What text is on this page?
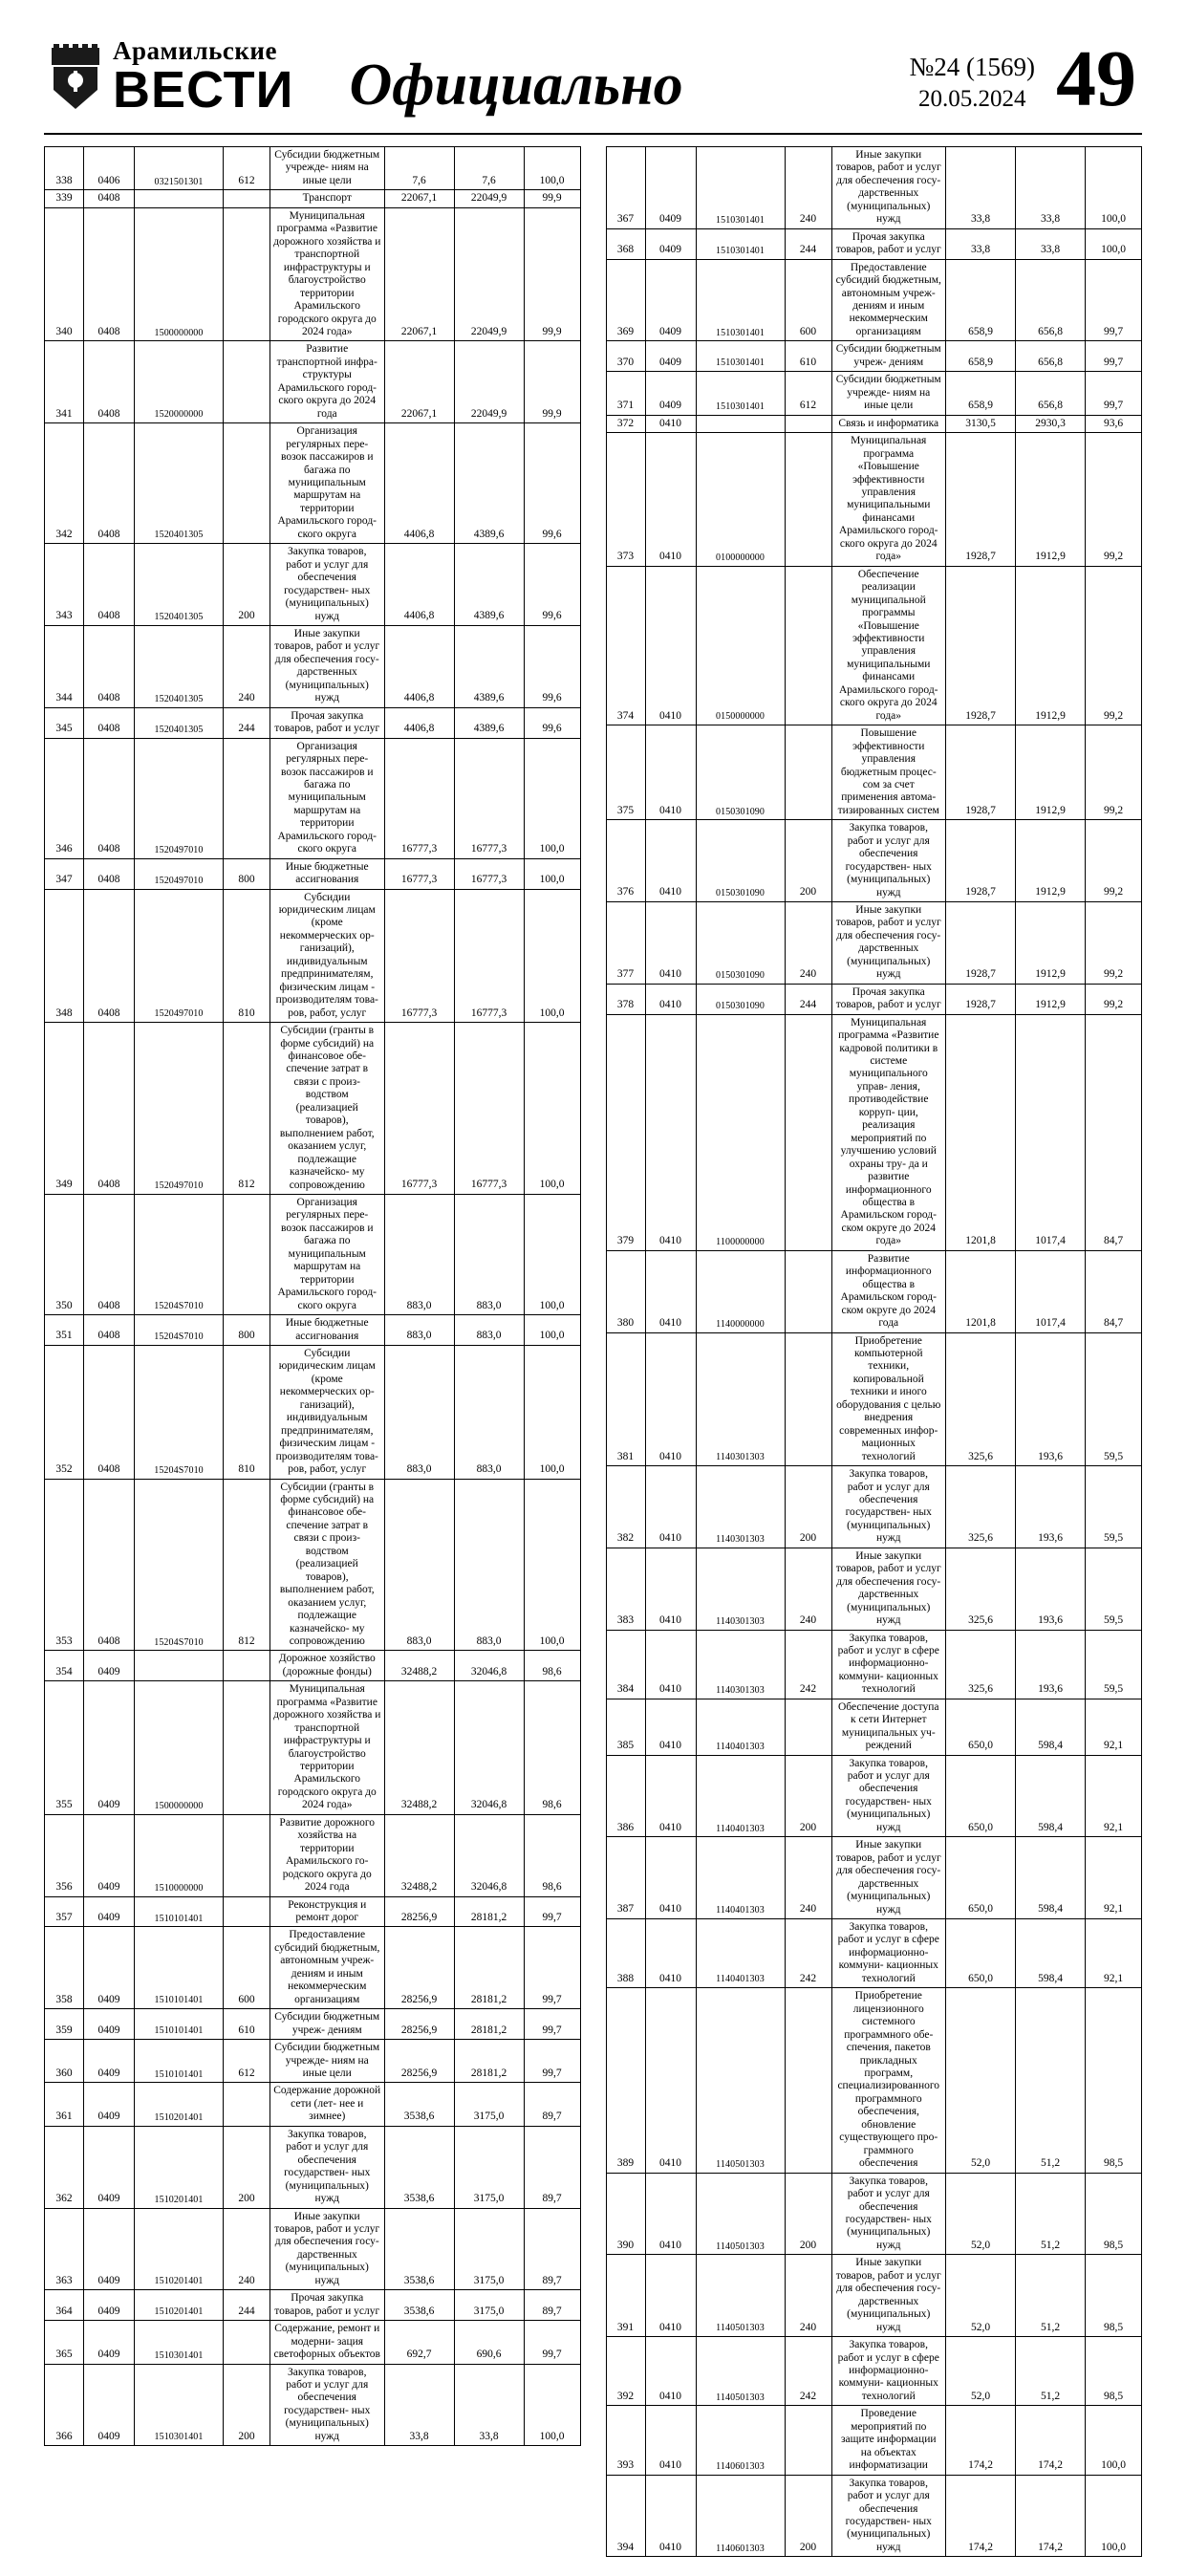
Арамильские
ВЕСТИ Официально	№24 (1569)
20.05.2024 49
338	0406	0321501301	612	Субсидии бюджетным учрежде- ниям на иные цели	7,6	7,6	100,0
339	0408			Транспорт	22067,1	22049,9	99,9
340	0408	1500000000		Муниципальная программа «Развитие дорожного хозяйства и транспортной инфраструктуры и благоустройство территории Арамильского городского округа до 2024 года»	22067,1	22049,9	99,9
341	0408	1520000000		Развитие транспортной инфра- структуры Арамильского город- ского округа до 2024 года	22067,1	22049,9	99,9
342	0408	1520401305		Организация регулярных пере- возок пассажиров и багажа по муниципальным маршрутам на территории Арамильского город- ского округа	4406,8	4389,6	99,6
343	0408	1520401305	200	Закупка товаров, работ и услуг для обеспечения государствен- ных (муниципальных) нужд	4406,8	4389,6	99,6
344	0408	1520401305	240	Иные закупки товаров, работ и услуг для обеспечения госу- дарственных (муниципальных) нужд	4406,8	4389,6	99,6
345	0408	1520401305	244	Прочая закупка товаров, работ и услуг	4406,8	4389,6	99,6
346	0408	1520497010		Организация регулярных пере- возок пассажиров и багажа по муниципальным маршрутам на территории Арамильского город- ского округа	16777,3	16777,3	100,0
347	0408	1520497010	800	Иные бюджетные ассигнования	16777,3	16777,3	100,0
348	0408	1520497010	810	Субсидии юридическим лицам (кроме некоммерческих ор- ганизаций), индивидуальным предпринимателям, физическим лицам - производителям това- ров, работ, услуг	16777,3	16777,3	100,0
349	0408	1520497010	812	Субсидии (гранты в форме субсидий) на финансовое обе- спечение затрат в связи с произ- водством (реализацией товаров), выполнением работ, оказанием услуг, подлежащие казначейско- му сопровождению	16777,3	16777,3	100,0
350	0408	15204S7010		Организация регулярных пере- возок пассажиров и багажа по муниципальным маршрутам на территории Арамильского город- ского округа	883,0	883,0	100,0
351	0408	15204S7010	800	Иные бюджетные ассигнования	883,0	883,0	100,0
352	0408	15204S7010	810	Субсидии юридическим лицам (кроме некоммерческих ор- ганизаций), индивидуальным предпринимателям, физическим лицам - производителям това- ров, работ, услуг	883,0	883,0	100,0
353	0408	15204S7010	812	Субсидии (гранты в форме субсидий) на финансовое обе- спечение затрат в связи с произ- водством (реализацией товаров), выполнением работ, оказанием услуг, подлежащие казначейско- му сопровождению	883,0	883,0	100,0
354	0409			Дорожное хозяйство (дорожные фонды)	32488,2	32046,8	98,6
355	0409	1500000000		Муниципальная программа «Развитие дорожного хозяйства и транспортной инфраструктуры и благоустройство территории Арамильского городского округа до 2024 года»	32488,2	32046,8	98,6
356	0409	1510000000		Развитие дорожного хозяйства на территории Арамильского го- родского округа до 2024 года	32488,2	32046,8	98,6
357	0409	1510101401		Реконструкция и ремонт дорог	28256,9	28181,2	99,7
358	0409	1510101401	600	Предоставление субсидий бюджетным, автономным учреж- дениям и иным некоммерческим организациям	28256,9	28181,2	99,7
359	0409	1510101401	610	Субсидии бюджетным учреж- дениям	28256,9	28181,2	99,7
360	0409	1510101401	612	Субсидии бюджетным учрежде- ниям на иные цели	28256,9	28181,2	99,7
361	0409	1510201401		Содержание дорожной сети (лет- нее и зимнее)	3538,6	3175,0	89,7
362	0409	1510201401	200	Закупка товаров, работ и услуг для обеспечения государствен- ных (муниципальных) нужд	3538,6	3175,0	89,7
363	0409	1510201401	240	Иные закупки товаров, работ и услуг для обеспечения госу- дарственных (муниципальных) нужд	3538,6	3175,0	89,7
364	0409	1510201401	244	Прочая закупка товаров, работ и услуг	3538,6	3175,0	89,7
365	0409	1510301401		Содержание, ремонт и модерни- зация светофорных объектов	692,7	690,6	99,7
366	0409	1510301401	200	Закупка товаров, работ и услуг для обеспечения государствен- ных (муниципальных) нужд	33,8	33,8	100,0
367	0409	1510301401	240	Иные закупки товаров, работ и услуг для обеспечения госу- дарственных (муниципальных) нужд	33,8	33,8	100,0
368	0409	1510301401	244	Прочая закупка товаров, работ и услуг	33,8	33,8	100,0
369	0409	1510301401	600	Предоставление субсидий бюджетным, автономным учреж- дениям и иным некоммерческим организациям	658,9	656,8	99,7
370	0409	1510301401	610	Субсидии бюджетным учреж- дениям	658,9	656,8	99,7
371	0409	1510301401	612	Субсидии бюджетным учрежде- ниям на иные цели	658,9	656,8	99,7
372	0410			Связь и информатика	3130,5	2930,3	93,6
373	0410	0100000000		Муниципальная программа «Повышение эффективности управления муниципальными финансами Арамильского город- ского округа до 2024 года»	1928,7	1912,9	99,2
374	0410	0150000000		Обеспечение реализации муниципальной программы «Повышение эффективности управления муниципальными финансами Арамильского город- ского округа до 2024 года»	1928,7	1912,9	99,2
375	0410	0150301090		Повышение эффективности управления бюджетным процес- сом за счет применения автома- тизированных систем	1928,7	1912,9	99,2
376	0410	0150301090	200	Закупка товаров, работ и услуг для обеспечения государствен- ных (муниципальных) нужд	1928,7	1912,9	99,2
377	0410	0150301090	240	Иные закупки товаров, работ и услуг для обеспечения госу- дарственных (муниципальных) нужд	1928,7	1912,9	99,2
378	0410	0150301090	244	Прочая закупка товаров, работ и услуг	1928,7	1912,9	99,2
379	0410	1100000000		Муниципальная программа «Развитие кадровой политики в системе муниципального управ- ления, противодействие корруп- ции, реализация мероприятий по улучшению условий охраны тру- да и развитие информационного общества в Арамильском город- ском округе до 2024 года»	1201,8	1017,4	84,7
380	0410	1140000000		Развитие информационного общества в Арамильском город- ском округе до 2024 года	1201,8	1017,4	84,7
381	0410	1140301303		Приобретение компьютерной техники, копировальной техники и иного оборудования с целью внедрения современных инфор- мационных технологий	325,6	193,6	59,5
382	0410	1140301303	200	Закупка товаров, работ и услуг для обеспечения государствен- ных (муниципальных) нужд	325,6	193,6	59,5
383	0410	1140301303	240	Иные закупки товаров, работ и услуг для обеспечения госу- дарственных (муниципальных) нужд	325,6	193,6	59,5
384	0410	1140301303	242	Закупка товаров, работ и услуг в сфере информационно-коммуни- кационных технологий	325,6	193,6	59,5
385	0410	1140401303		Обеспечение доступа к сети Интернет муниципальных уч- реждений	650,0	598,4	92,1
386	0410	1140401303	200	Закупка товаров, работ и услуг для обеспечения государствен- ных (муниципальных) нужд	650,0	598,4	92,1
387	0410	1140401303	240	Иные закупки товаров, работ и услуг для обеспечения госу- дарственных (муниципальных) нужд	650,0	598,4	92,1
388	0410	1140401303	242	Закупка товаров, работ и услуг в сфере информационно-коммуни- кационных технологий	650,0	598,4	92,1
389	0410	1140501303		Приобретение лицензионного системного программного обе- спечения, пакетов прикладных программ, специализированного программного обеспечения, обновление существующего про- граммного обеспечения	52,0	51,2	98,5
390	0410	1140501303	200	Закупка товаров, работ и услуг для обеспечения государствен- ных (муниципальных) нужд	52,0	51,2	98,5
391	0410	1140501303	240	Иные закупки товаров, работ и услуг для обеспечения госу- дарственных (муниципальных) нужд	52,0	51,2	98,5
392	0410	1140501303	242	Закупка товаров, работ и услуг в сфере информационно-коммуни- кационных технологий	52,0	51,2	98,5
393	0410	1140601303		Проведение мероприятий по защите информации на объектах информатизации	174,2	174,2	100,0
394	0410	1140601303	200	Закупка товаров, работ и услуг для обеспечения государствен- ных (муниципальных) нужд	174,2	174,2	100,0
